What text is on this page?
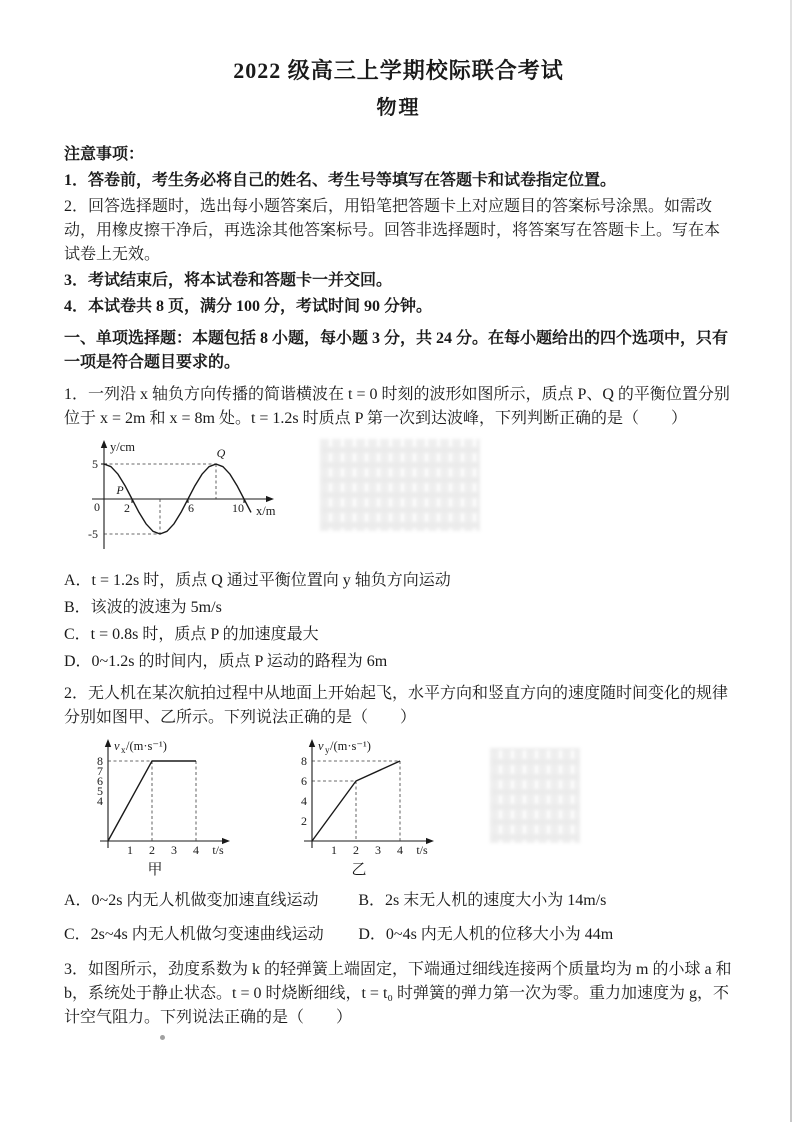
2022 级高三上学期校际联合考试
物理

注意事项：

1．答卷前，考生务必将自己的姓名、考生号等填写在答题卡和试卷指定位置。

2．回答选择题时，选出每小题答案后，用铅笔把答题卡上对应题目的答案标号涂黑。如需改动，用橡皮擦干净后，再选涂其他答案标号。回答非选择题时，将答案写在答题卡上。写在本试卷上无效。

3．考试结束后，将本试卷和答题卡一并交回。

4．本试卷共 8 页，满分 100 分，考试时间 90 分钟。

一、单项选择题：本题包括 8 小题，每小题 3 分，共 24 分。在每小题给出的四个选项中，只有一项是符合题目要求的。

1．一列沿 x 轴负方向传播的简谐横波在 t = 0 时刻的波形如图所示，质点 P、Q 的平衡位置分别位于 x = 2m 和 x = 8m 处。t = 1.2s 时质点 P 第一次到达波峰，下列判断正确的是（　　）

y/cm
x/m
5
-5
0 2	6	10
P
Q

A．t = 1.2s 时，质点 Q 通过平衡位置向 y 轴负方向运动

B．该波的波速为 5m/s

C．t = 0.8s 时，质点 P 的加速度最大

D．0~1.2s 的时间内，质点 P 运动的路程为 6m

2．无人机在某次航拍过程中从地面上开始起飞，水平方向和竖直方向的速度随时间变化的规律分别如图甲、乙所示。下列说法正确的是（　　）

v x /(m·s⁻¹)
8
7
6
5
4
1 2 3 4 t/s
甲
v y /(m·s⁻¹)
8
6
4
2
1 2 3 4 t/s
乙

A．0~2s 内无人机做变加速直线运动	B．2s 末无人机的速度大小为 14m/s

C．2s~4s 内无人机做匀变速曲线运动	D．0~4s 内无人机的位移大小为 44m

3．如图所示，劲度系数为 k 的轻弹簧上端固定，下端通过细线连接两个质量均为 m 的小球 a 和 b，系统处于静止状态。t = 0 时烧断细线，t = t₀ 时弹簧的弹力第一次为零。重力加速度为 g，不计空气阻力。下列说法正确的是（　　）
